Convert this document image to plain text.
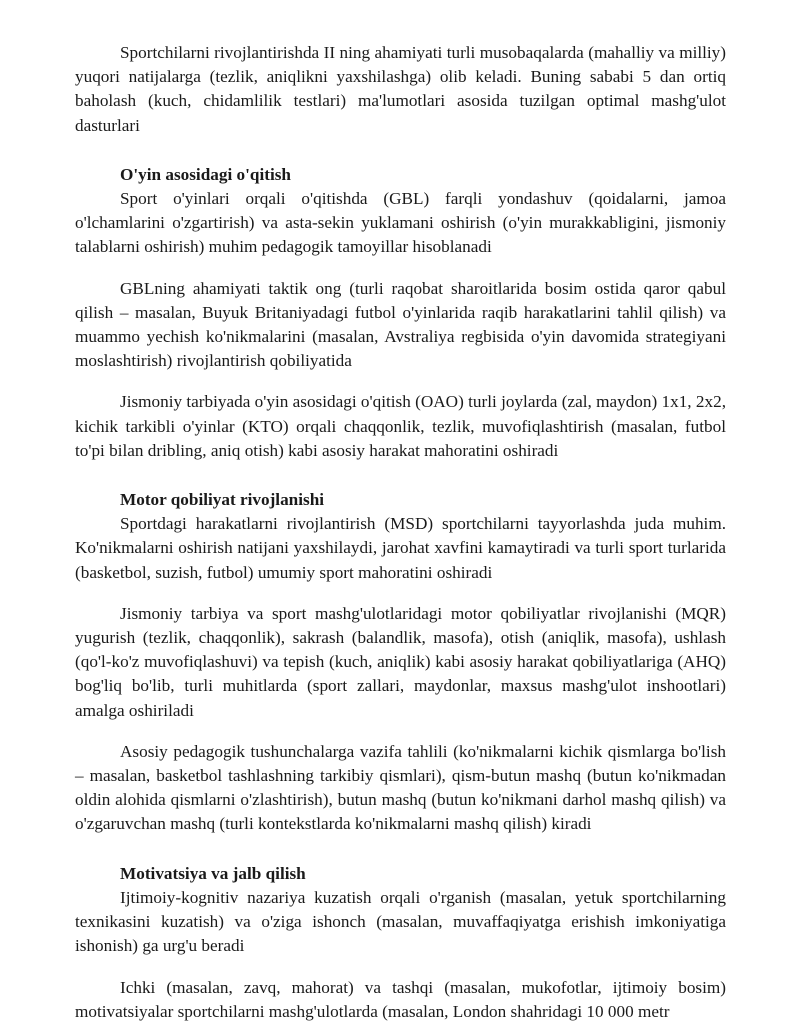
Sportchilarni rivojlantirishda II ning ahamiyati turli musobaqalarda (mahalliy va milliy) yuqori natijalarga (tezlik, aniqlikni yaxshilashga) olib keladi. Buning sababi 5 dan ortiq baholash (kuch, chidamlilik testlari) ma'lumotlari asosida tuzilgan optimal mashg'ulot dasturlari

O'yin asosidagi o'qitish

Sport o'yinlari orqali o'qitishda (GBL) farqli yondashuv (qoidalarni, jamoa o'lchamlarini o'zgartirish) va asta-sekin yuklamani oshirish (o'yin murakkabligini, jismoniy talablarni oshirish) muhim pedagogik tamoyillar hisoblanadi

GBLning ahamiyati taktik ong (turli raqobat sharoitlarida bosim ostida qaror qabul qilish – masalan, Buyuk Britaniyadagi futbol o'yinlarida raqib harakatlarini tahlil qilish) va muammo yechish ko'nikmalarini (masalan, Avstraliya regbisida o'yin davomida strategiyani moslashtirish) rivojlantirish qobiliyatida

Jismoniy tarbiyada o'yin asosidagi o'qitish (OAO) turli joylarda (zal, maydon) 1x1, 2x2, kichik tarkibli o'yinlar (KTO) orqali chaqqonlik, tezlik, muvofiqlashtirish (masalan, futbol to'pi bilan dribling, aniq otish) kabi asosiy harakat mahoratini oshiradi

Motor qobiliyat rivojlanishi

Sportdagi harakatlarni rivojlantirish (MSD) sportchilarni tayyorlashda juda muhim. Ko'nikmalarni oshirish natijani yaxshilaydi, jarohat xavfini kamaytiradi va turli sport turlarida (basketbol, suzish, futbol) umumiy sport mahoratini oshiradi

Jismoniy tarbiya va sport mashg'ulotlaridagi motor qobiliyatlar rivojlanishi (MQR) yugurish (tezlik, chaqqonlik), sakrash (balandlik, masofa), otish (aniqlik, masofa), ushlash (qo'l-ko'z muvofiqlashuvi) va tepish (kuch, aniqlik) kabi asosiy harakat qobiliyatlariga (AHQ) bog'liq bo'lib, turli muhitlarda (sport zallari, maydonlar, maxsus mashg'ulot inshootlari) amalga oshiriladi

Asosiy pedagogik tushunchalarga vazifa tahlili (ko'nikmalarni kichik qismlarga bo'lish – masalan, basketbol tashlashning tarkibiy qismlari), qism-butun mashq (butun ko'nikmadan oldin alohida qismlarni o'zlashtirish), butun mashq (butun ko'nikmani darhol mashq qilish) va o'zgaruvchan mashq (turli kontekstlarda ko'nikmalarni mashq qilish) kiradi

Motivatsiya va jalb qilish

Ijtimoiy-kognitiv nazariya kuzatish orqali o'rganish (masalan, yetuk sportchilarning texnikasini kuzatish) va o'ziga ishonch (masalan, muvaffaqiyatga erishish imkoniyatiga ishonish) ga urg'u beradi

Ichki (masalan, zavq, mahorat) va tashqi (masalan, mukofotlar, ijtimoiy bosim) motivatsiyalar sportchilarni mashg'ulotlarda (masalan, London shahridagi 10 000 metr
